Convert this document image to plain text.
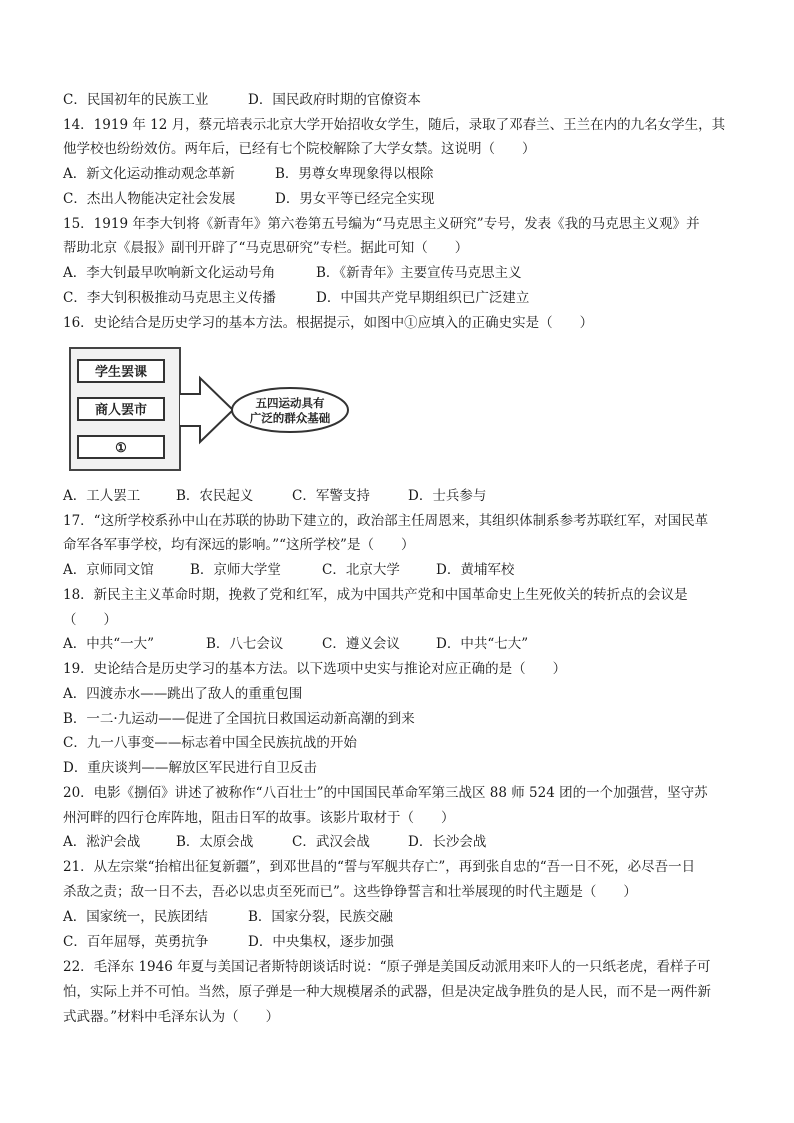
C．民国初年的民族工业	D．国民政府时期的官僚资本
14．1919 年 12 月，蔡元培表示北京大学开始招收女学生，随后，录取了邓春兰、王兰在内的九名女学生，其
他学校也纷纷效仿。两年后，已经有七个院校解除了大学女禁。这说明（　　）
A．新文化运动推动观念革新	B．男尊女卑现象得以根除
C．杰出人物能决定社会发展	D．男女平等已经完全实现
15．1919 年李大钊将《新青年》第六卷第五号编为“马克思主义研究”专号，发表《我的马克思主义观》并
帮助北京《晨报》副刊开辟了“马克思研究”专栏。据此可知（　　）
A．李大钊最早吹响新文化运动号角	B．《新青年》主要宣传马克思主义
C．李大钊积极推动马克思主义传播	D．中国共产党早期组织已广泛建立
16．史论结合是历史学习的基本方法。根据提示，如图中①应填入的正确史实是（　　）
学生罢课
商人罢市
①
五四运动具有
广泛的群众基础
A．工人罢工	B．农民起义	C．军警支持	D．士兵参与
17．“这所学校系孙中山在苏联的协助下建立的，政治部主任周恩来，其组织体制系参考苏联红军，对国民革
命军各军事学校，均有深远的影响。”“这所学校”是（　　）
A．京师同文馆	B．京师大学堂	C．北京大学	D．黄埔军校
18．新民主主义革命时期，挽救了党和红军，成为中国共产党和中国革命史上生死攸关的转折点的会议是
（　　）
A．中共“一大”	B．八七会议	C．遵义会议	D．中共“七大”
19．史论结合是历史学习的基本方法。以下选项中史实与推论对应正确的是（　　）
A．四渡赤水——跳出了敌人的重重包围
B．一二·九运动——促进了全国抗日救国运动新高潮的到来
C．九一八事变——标志着中国全民族抗战的开始
D．重庆谈判——解放区军民进行自卫反击
20．电影《捌佰》讲述了被称作“八百壮士”的中国国民革命军第三战区 88 师 524 团的一个加强营，坚守苏
州河畔的四行仓库阵地，阻击日军的故事。该影片取材于（　　）
A．淞沪会战	B．太原会战	C．武汉会战	D．长沙会战
21．从左宗棠“抬棺出征复新疆”，到邓世昌的“誓与军舰共存亡”，再到张自忠的“吾一日不死，必尽吾一日
杀敌之责；敌一日不去，吾必以忠贞至死而已”。这些铮铮誓言和壮举展现的时代主题是（　　）
A．国家统一，民族团结	B．国家分裂，民族交融
C．百年屈辱，英勇抗争	D．中央集权，逐步加强
22．毛泽东 1946 年夏与美国记者斯特朗谈话时说：“原子弹是美国反动派用来吓人的一只纸老虎，看样子可
怕，实际上并不可怕。当然，原子弹是一种大规模屠杀的武器，但是决定战争胜负的是人民，而不是一两件新
式武器。”材料中毛泽东认为（　　）
